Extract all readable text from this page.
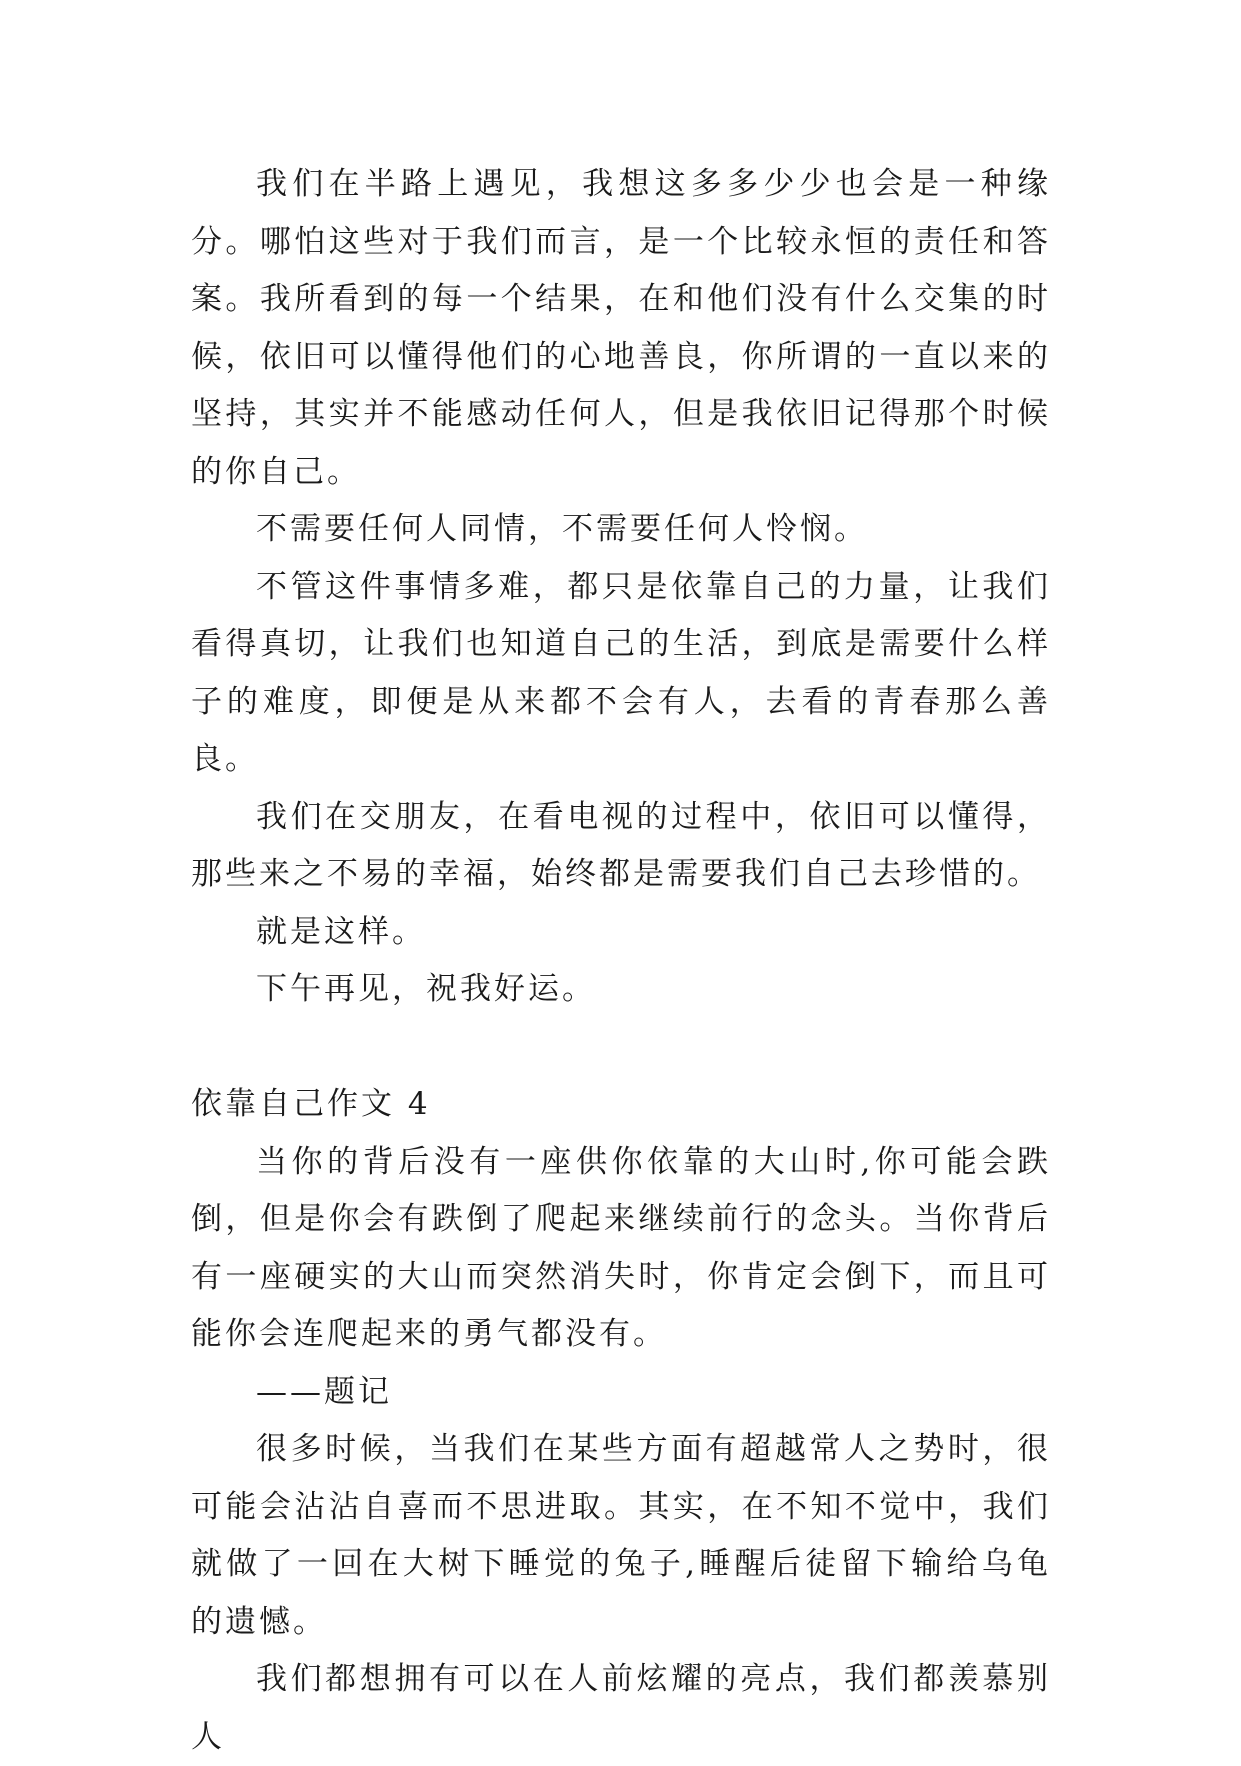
我们在半路上遇见，我想这多多少少也会是一种缘分。哪怕这些对于我们而言，是一个比较永恒的责任和答案。我所看到的每一个结果，在和他们没有什么交集的时候，依旧可以懂得他们的心地善良，你所谓的一直以来的坚持，其实并不能感动任何人，但是我依旧记得那个时候的你自己。

不需要任何人同情，不需要任何人怜悯。

不管这件事情多难，都只是依靠自己的力量，让我们看得真切，让我们也知道自己的生活，到底是需要什么样子的难度，即便是从来都不会有人，去看的青春那么善良。

我们在交朋友，在看电视的过程中，依旧可以懂得，那些来之不易的幸福，始终都是需要我们自己去珍惜的。

就是这样。

下午再见，祝我好运。

依靠自己作文 4

当你的背后没有一座供你依靠的大山时,你可能会跌倒，但是你会有跌倒了爬起来继续前行的念头。当你背后有一座硬实的大山而突然消失时，你肯定会倒下，而且可能你会连爬起来的勇气都没有。

——题记

很多时候，当我们在某些方面有超越常人之势时，很可能会沾沾自喜而不思进取。其实，在不知不觉中，我们就做了一回在大树下睡觉的兔子,睡醒后徒留下输给乌龟的遗憾。

我们都想拥有可以在人前炫耀的亮点，我们都羡慕别人
